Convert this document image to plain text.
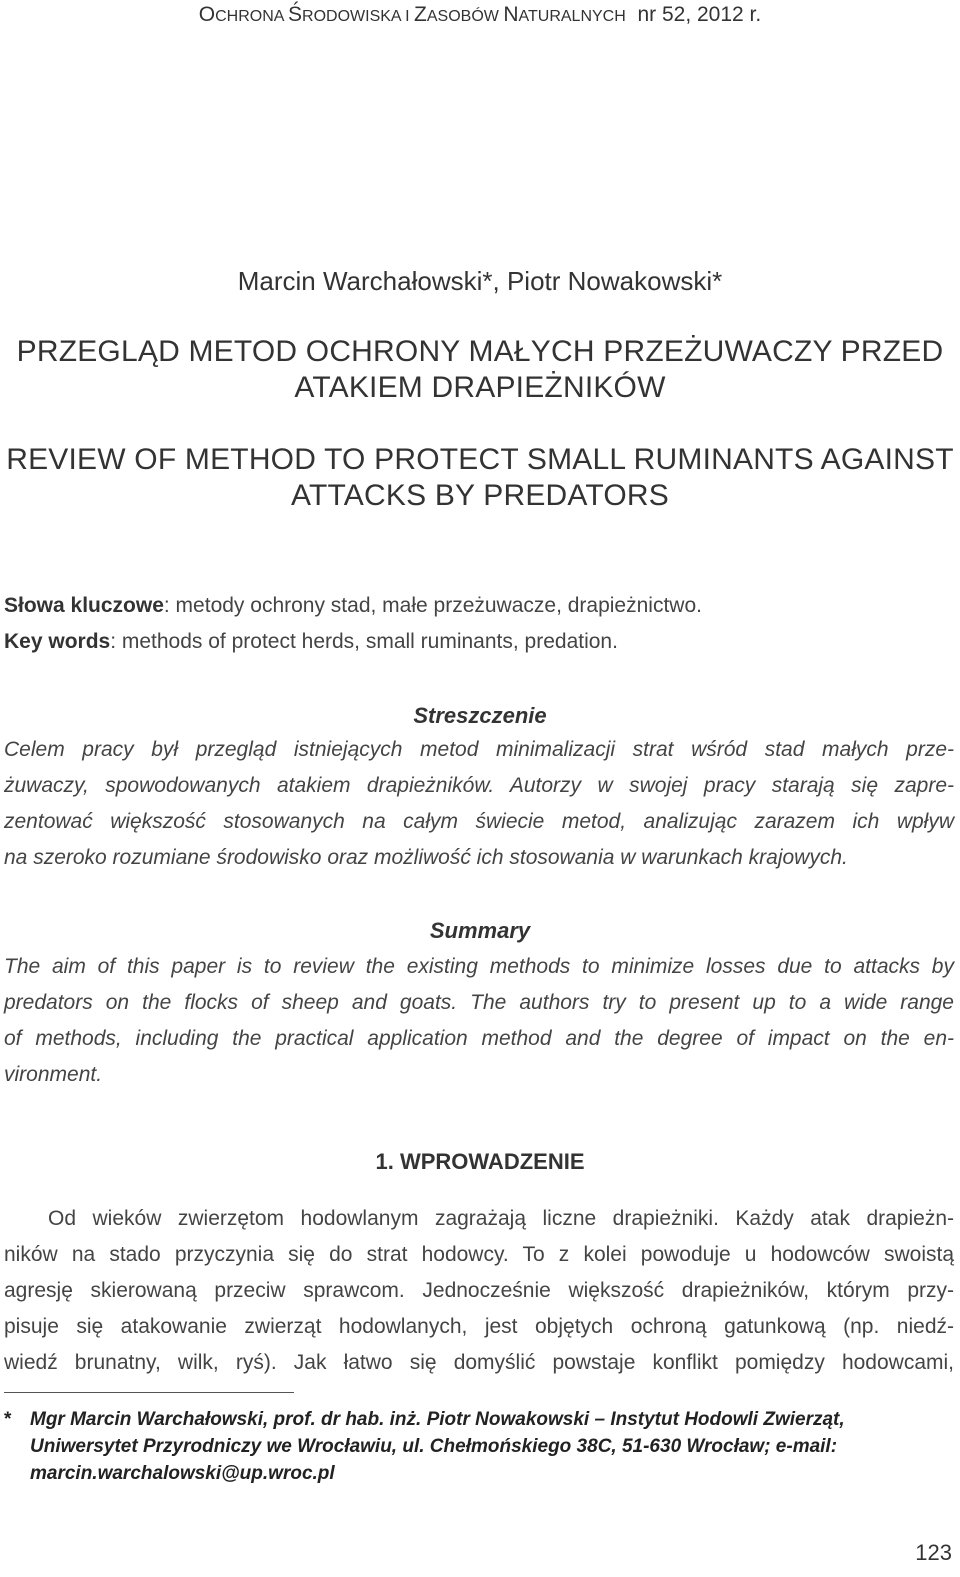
OCHRONA ŚRODOWISKA I ZASOBÓW NATURALNYCH nr 52, 2012 r.
Marcin Warchałowski*, Piotr Nowakowski*
PRZEGLĄD METOD OCHRONY MAŁYCH PRZEŻUWACZY PRZED
ATAKIEM DRAPIEŻNIKÓW
REVIEW OF METHOD TO PROTECT SMALL RUMINANTS AGAINST
ATTACKS BY PREDATORS
Słowa kluczowe: metody ochrony stad, małe przeżuwacze, drapieżnictwo.
Key words: methods of protect herds, small ruminants, predation.
Streszczenie
Celem pracy był przegląd istniejących metod minimalizacji strat wśród stad małych prze-
żuwaczy, spowodowanych atakiem drapieżników. Autorzy w swojej pracy starają się zapre-
zentować większość stosowanych na całym świecie metod, analizując zarazem ich wpływ
na szeroko rozumiane środowisko oraz możliwość ich stosowania w warunkach krajowych.
Summary
The aim of this paper is to review the existing methods to minimize losses due to attacks by
predators on the flocks of sheep and goats. The authors try to present up to a wide range
of methods, including the practical application method and the degree of impact on the en-
vironment.
1. WPROWADZENIE
Od wieków zwierzętom hodowlanym zagrażają liczne drapieżniki. Każdy atak drapieżn-
ników na stado przyczynia się do strat hodowcy. To z kolei powoduje u hodowców swoistą
agresję skierowaną przeciw sprawcom. Jednocześnie większość drapieżników, którym przy-
pisuje się atakowanie zwierząt hodowlanych, jest objętych ochroną gatunkową (np. niedź-
wiedź brunatny, wilk, ryś). Jak łatwo się domyślić powstaje konflikt pomiędzy hodowcami,
* Mgr Marcin Warchałowski, prof. dr hab. inż. Piotr Nowakowski – Instytut Hodowli Zwierząt,
Uniwersytet Przyrodniczy we Wrocławiu, ul. Chełmońskiego 38C, 51-630 Wrocław; e-mail:
marcin.warchalowski@up.wroc.pl
123
